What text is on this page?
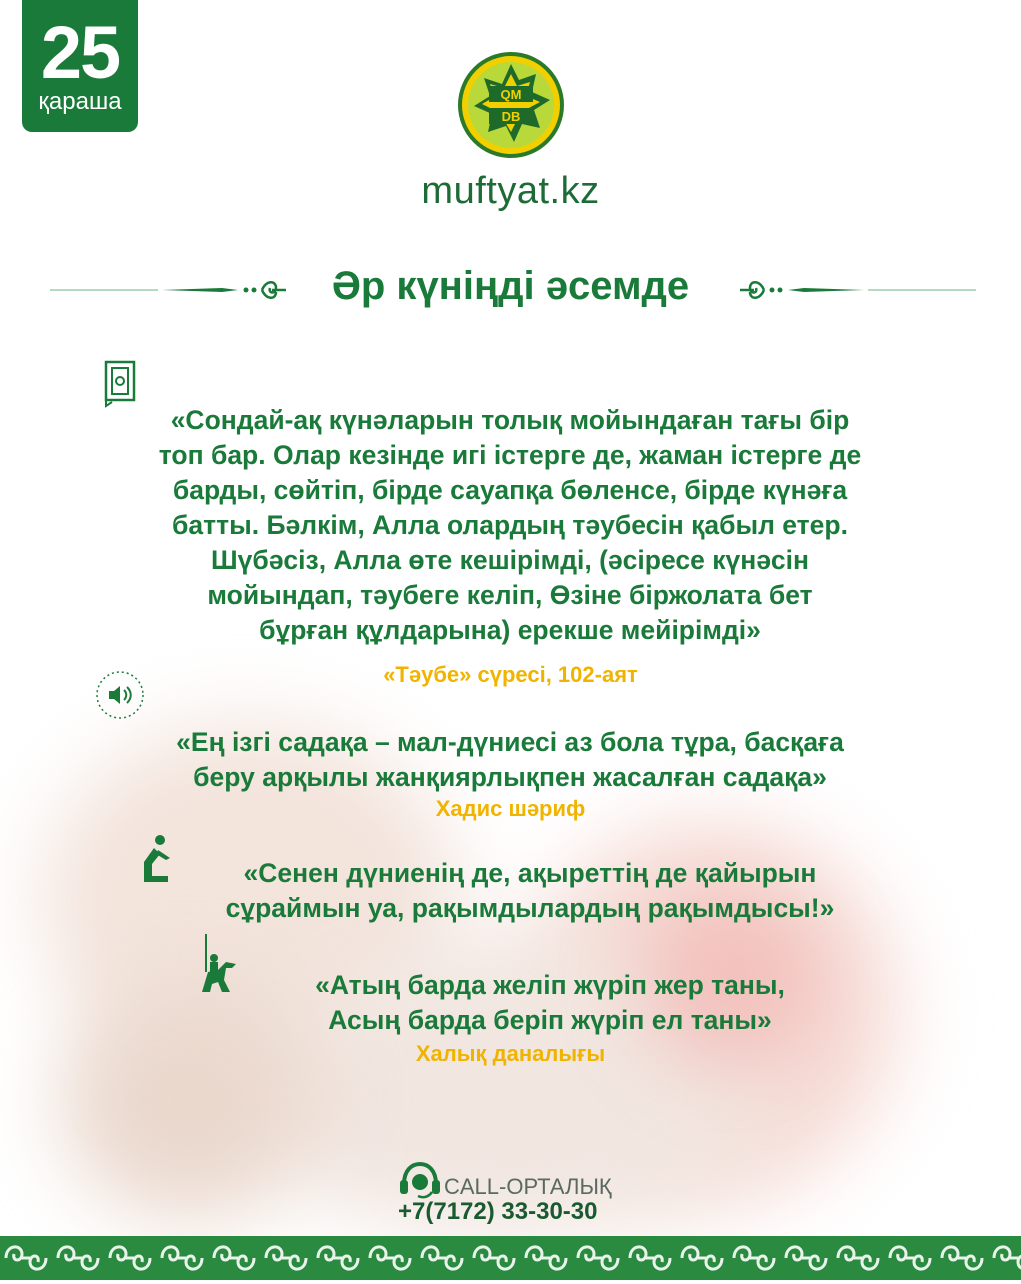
25
қараша	QM
DB
muftyat.kz
Әр күніңді әсемде
«Сондай-ақ күнәларын толық мойындаған тағы бір
топ бар. Олар кезінде игі істерге де, жаман істерге де
барды, сөйтіп, бірде сауапқа бөленсе, бірде күнәға
батты. Бәлкім, Алла олардың тәубесін қабыл етер.
Шүбәсіз, Алла өте кешірімді, (әсіресе күнәсін
мойындап, тәубеге келіп, Өзіне біржолата бет
бұрған құлдарына) ерекше мейірімді»
«Тәубе» сүресі, 102-аят
«Ең ізгі садақа – мал-дүниесі аз бола тұра, басқаға
беру арқылы жанқиярлықпен жасалған садақа»
Хадис шәриф
«Сенен дүниенің де, ақыреттің де қайырын
сұраймын уа, рақымдылардың рақымдысы!»
«Атың барда желіп жүріп жер таны,
Асың барда беріп жүріп ел таны»
Халық даналығы
CALL-ОРТАЛЫҚ
+7(7172) 33-30-30
